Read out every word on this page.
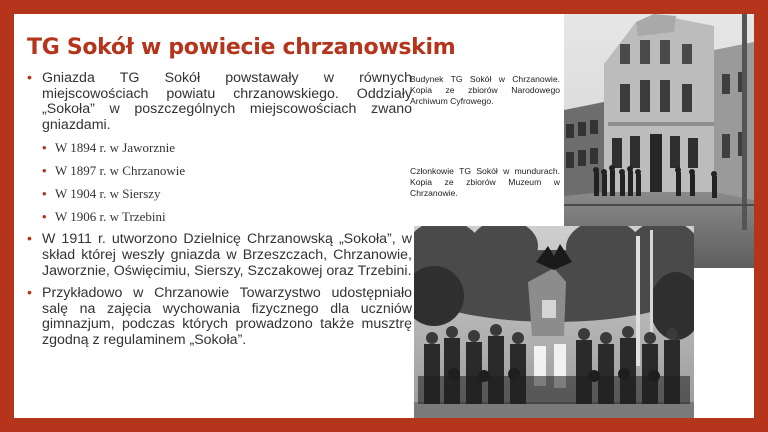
TG Sokół w powiecie chrzanowskim
• Gniazda TG Sokół powstawały w równych miejscowościach powiatu chrzanowskiego. Oddziały „Sokoła” w poszczególnych miejscowościach zwano gniazdami.
• W 1894 r. w Jaworznie
• W 1897 r. w Chrzanowie
• W 1904 r. w Sierszy
• W 1906 r. w Trzebini
• W 1911 r. utworzono Dzielnicę Chrzanowską „Sokoła”, w skład której weszły gniazda w Brzeszczach, Chrzanowie, Jaworznie, Oświęcimiu, Sierszy, Szczakowej oraz Trzebini.
• Przykładowo w Chrzanowie Towarzystwo udostępniało salę na zajęcia wychowania fizycznego dla uczniów gimnazjum, podczas których prowadzono także musztrę zgodną z regulaminem „Sokoła”.
Budynek TG Sokół w Chrzanowie. Kopia ze zbiorów Narodowego Archiwum Cyfrowego.
Członkowie TG Sokół w mundurach. Kopia ze zbiorów Muzeum w Chrzanowie.
